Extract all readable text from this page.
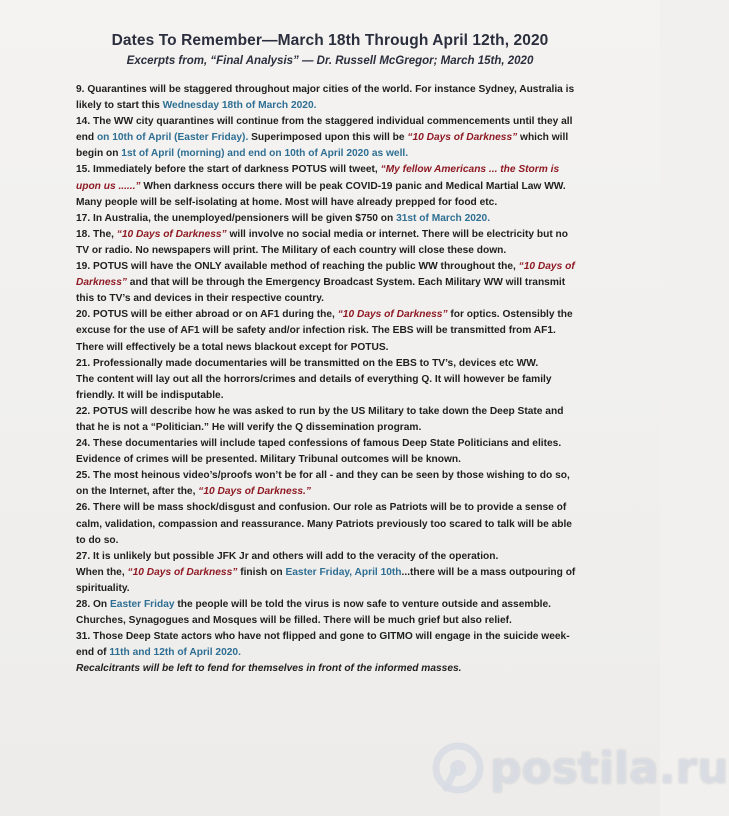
Dates To Remember—March 18th Through April 12th, 2020
Excerpts from, “Final Analysis” — Dr. Russell McGregor; March 15th, 2020
9. Quarantines will be staggered throughout major cities of the world. For instance Sydney, Australia is
likely to start this Wednesday 18th of March 2020.
14. The WW city quarantines will continue from the staggered individual commencements until they all
end on 10th of April (Easter Friday). Superimposed upon this will be “10 Days of Darkness” which will
begin on 1st of April (morning) and end on 10th of April 2020 as well.
15. Immediately before the start of darkness POTUS will tweet, “My fellow Americans ... the Storm is
upon us ......” When darkness occurs there will be peak COVID-19 panic and Medical Martial Law WW.
Many people will be self-isolating at home. Most will have already prepped for food etc.
17. In Australia, the unemployed/pensioners will be given $750 on 31st of March 2020.
18. The, “10 Days of Darkness” will involve no social media or internet. There will be electricity but no
TV or radio. No newspapers will print. The Military of each country will close these down.
19. POTUS will have the ONLY available method of reaching the public WW throughout the, “10 Days of
Darkness” and that will be through the Emergency Broadcast System. Each Military WW will transmit
this to TV’s and devices in their respective country.
20. POTUS will be either abroad or on AF1 during the, “10 Days of Darkness” for optics. Ostensibly the
excuse for the use of AF1 will be safety and/or infection risk. The EBS will be transmitted from AF1.
There will effectively be a total news blackout except for POTUS.
21. Professionally made documentaries will be transmitted on the EBS to TV’s, devices etc WW.
The content will lay out all the horrors/crimes and details of everything Q. It will however be family
friendly. It will be indisputable.
22. POTUS will describe how he was asked to run by the US Military to take down the Deep State and
that he is not a “Politician.” He will verify the Q dissemination program.
24. These documentaries will include taped confessions of famous Deep State Politicians and elites.
Evidence of crimes will be presented. Military Tribunal outcomes will be known.
25. The most heinous video’s/proofs won’t be for all - and they can be seen by those wishing to do so,
on the Internet, after the, “10 Days of Darkness.”
26. There will be mass shock/disgust and confusion. Our role as Patriots will be to provide a sense of
calm, validation, compassion and reassurance. Many Patriots previously too scared to talk will be able
to do so.
27. It is unlikely but possible JFK Jr and others will add to the veracity of the operation.
When the, “10 Days of Darkness” finish on Easter Friday, April 10th...there will be a mass outpouring of
spirituality.
28. On Easter Friday the people will be told the virus is now safe to venture outside and assemble.
Churches, Synagogues and Mosques will be filled. There will be much grief but also relief.
31. Those Deep State actors who have not flipped and gone to GITMO will engage in the suicide week-
end of 11th and 12th of April 2020.
Recalcitrants will be left to fend for themselves in front of the informed masses.
postila.ru
